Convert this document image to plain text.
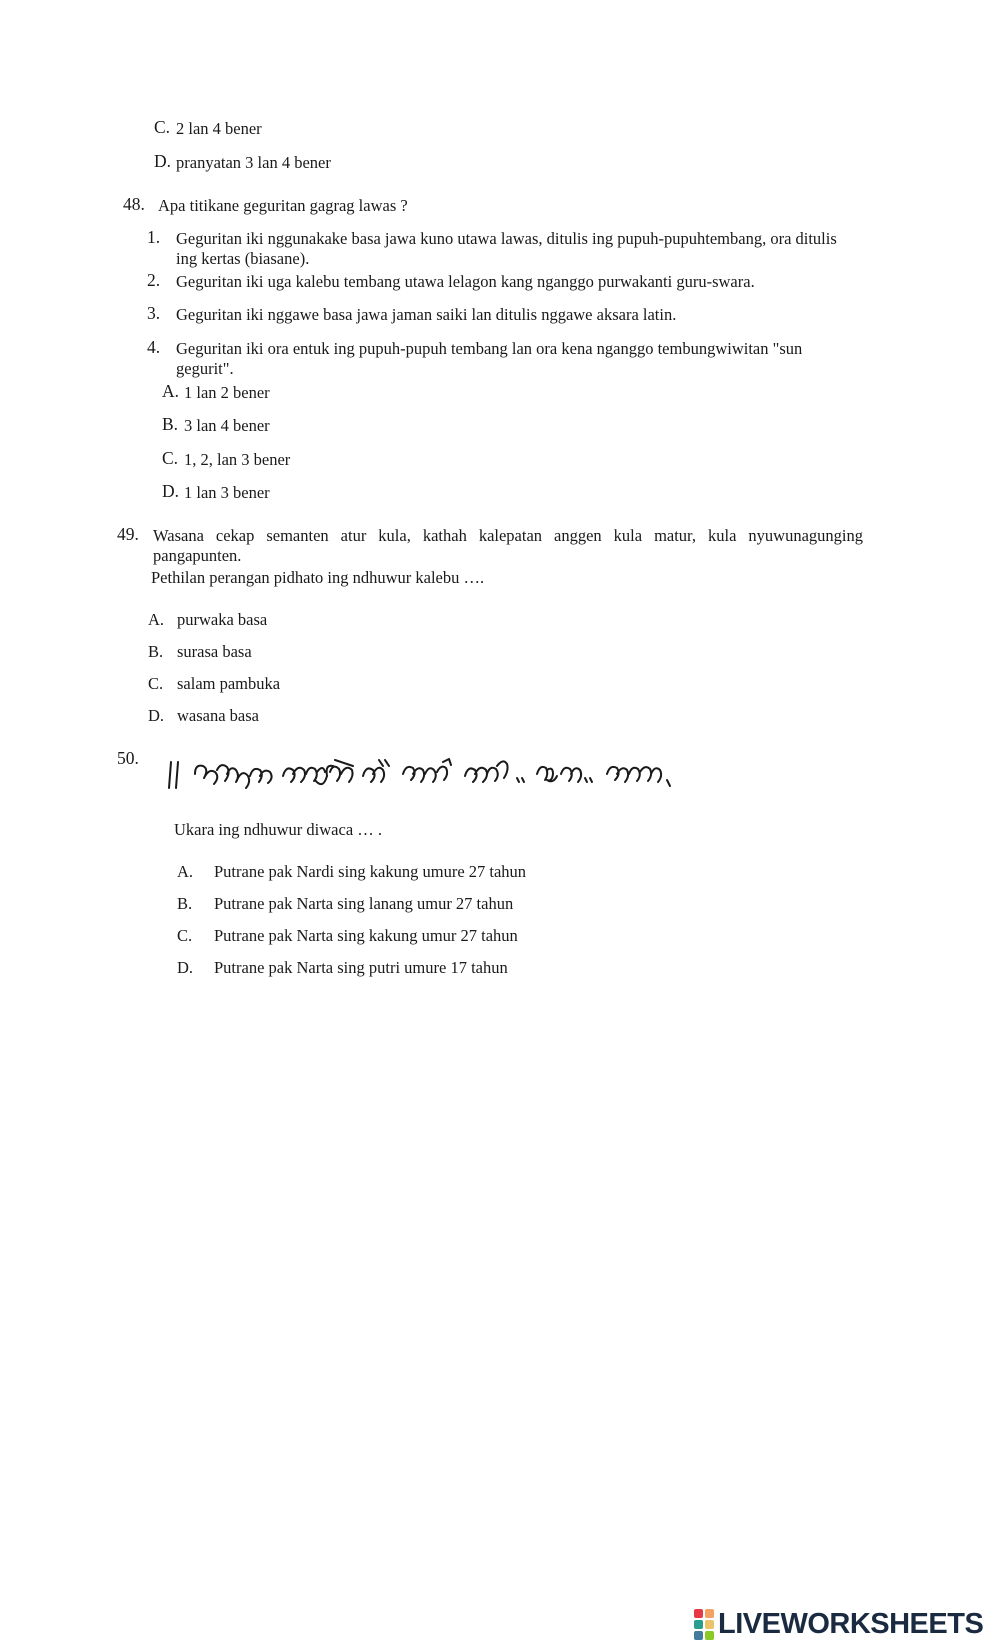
C. 2 lan 4 bener
D. pranyatan 3 lan 4 bener
48. Apa titikane geguritan gagrag lawas ?
1. Geguritan iki nggunakake basa jawa kuno utawa lawas, ditulis ing pupuh-pupuhtembang, ora ditulis ing kertas (biasane).
2. Geguritan iki uga kalebu tembang utawa lelagon kang nganggo purwakanti guru-swara.
3. Geguritan iki nggawe basa jawa jaman saiki lan ditulis nggawe aksara latin.
4. Geguritan iki ora entuk ing pupuh-pupuh tembang lan ora kena nganggo tembungwiwitan "sun gegurit".
A. 1 lan 2 bener
B. 3 lan 4 bener
C. 1, 2, lan 3 bener
D. 1 lan 3 bener
49. Wasana cekap semanten atur kula, kathah kalepatan anggen kula matur, kula nyuwunagunging pangapunten.
Pethilan perangan pidhato ing ndhuwur kalebu ….
A. purwaka basa
B. surasa basa
C. salam pambuka
D. wasana basa
50.
Ukara ing ndhuwur diwaca … .
A. Putrane pak Nardi sing kakung umure 27 tahun
B. Putrane pak Narta sing lanang umur 27 tahun
C. Putrane pak Narta sing kakung umur 27 tahun
D. Putrane pak Narta sing putri umure 17 tahun
LIVEWORKSHEETS
